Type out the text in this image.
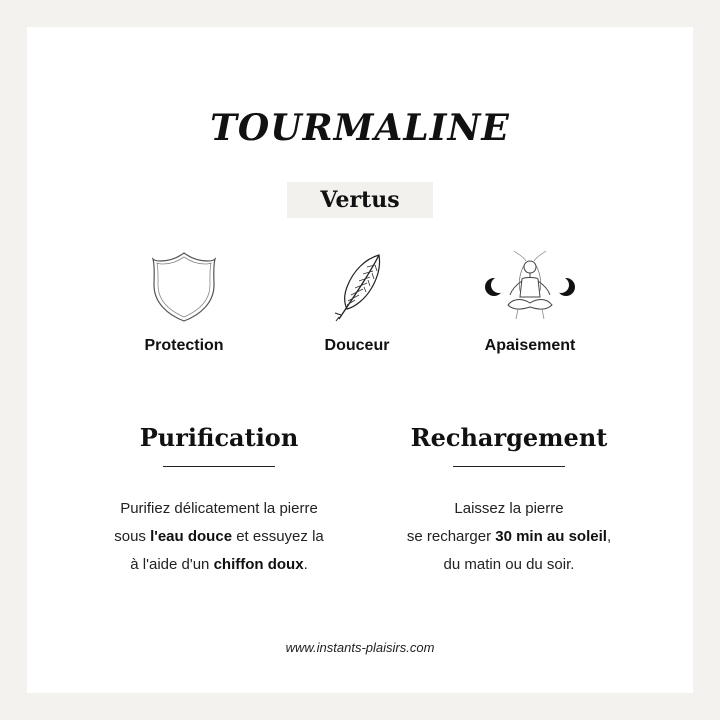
TOURMALINE
Vertus
Protection	Douceur	Apaisement
Purification
Purifiez délicatement la pierre
sous l'eau douce et essuyez la
à l'aide d'un chiffon doux.
Rechargement
Laissez la pierre
se recharger 30 min au soleil,
du matin ou du soir.
www.instants-plaisirs.com
